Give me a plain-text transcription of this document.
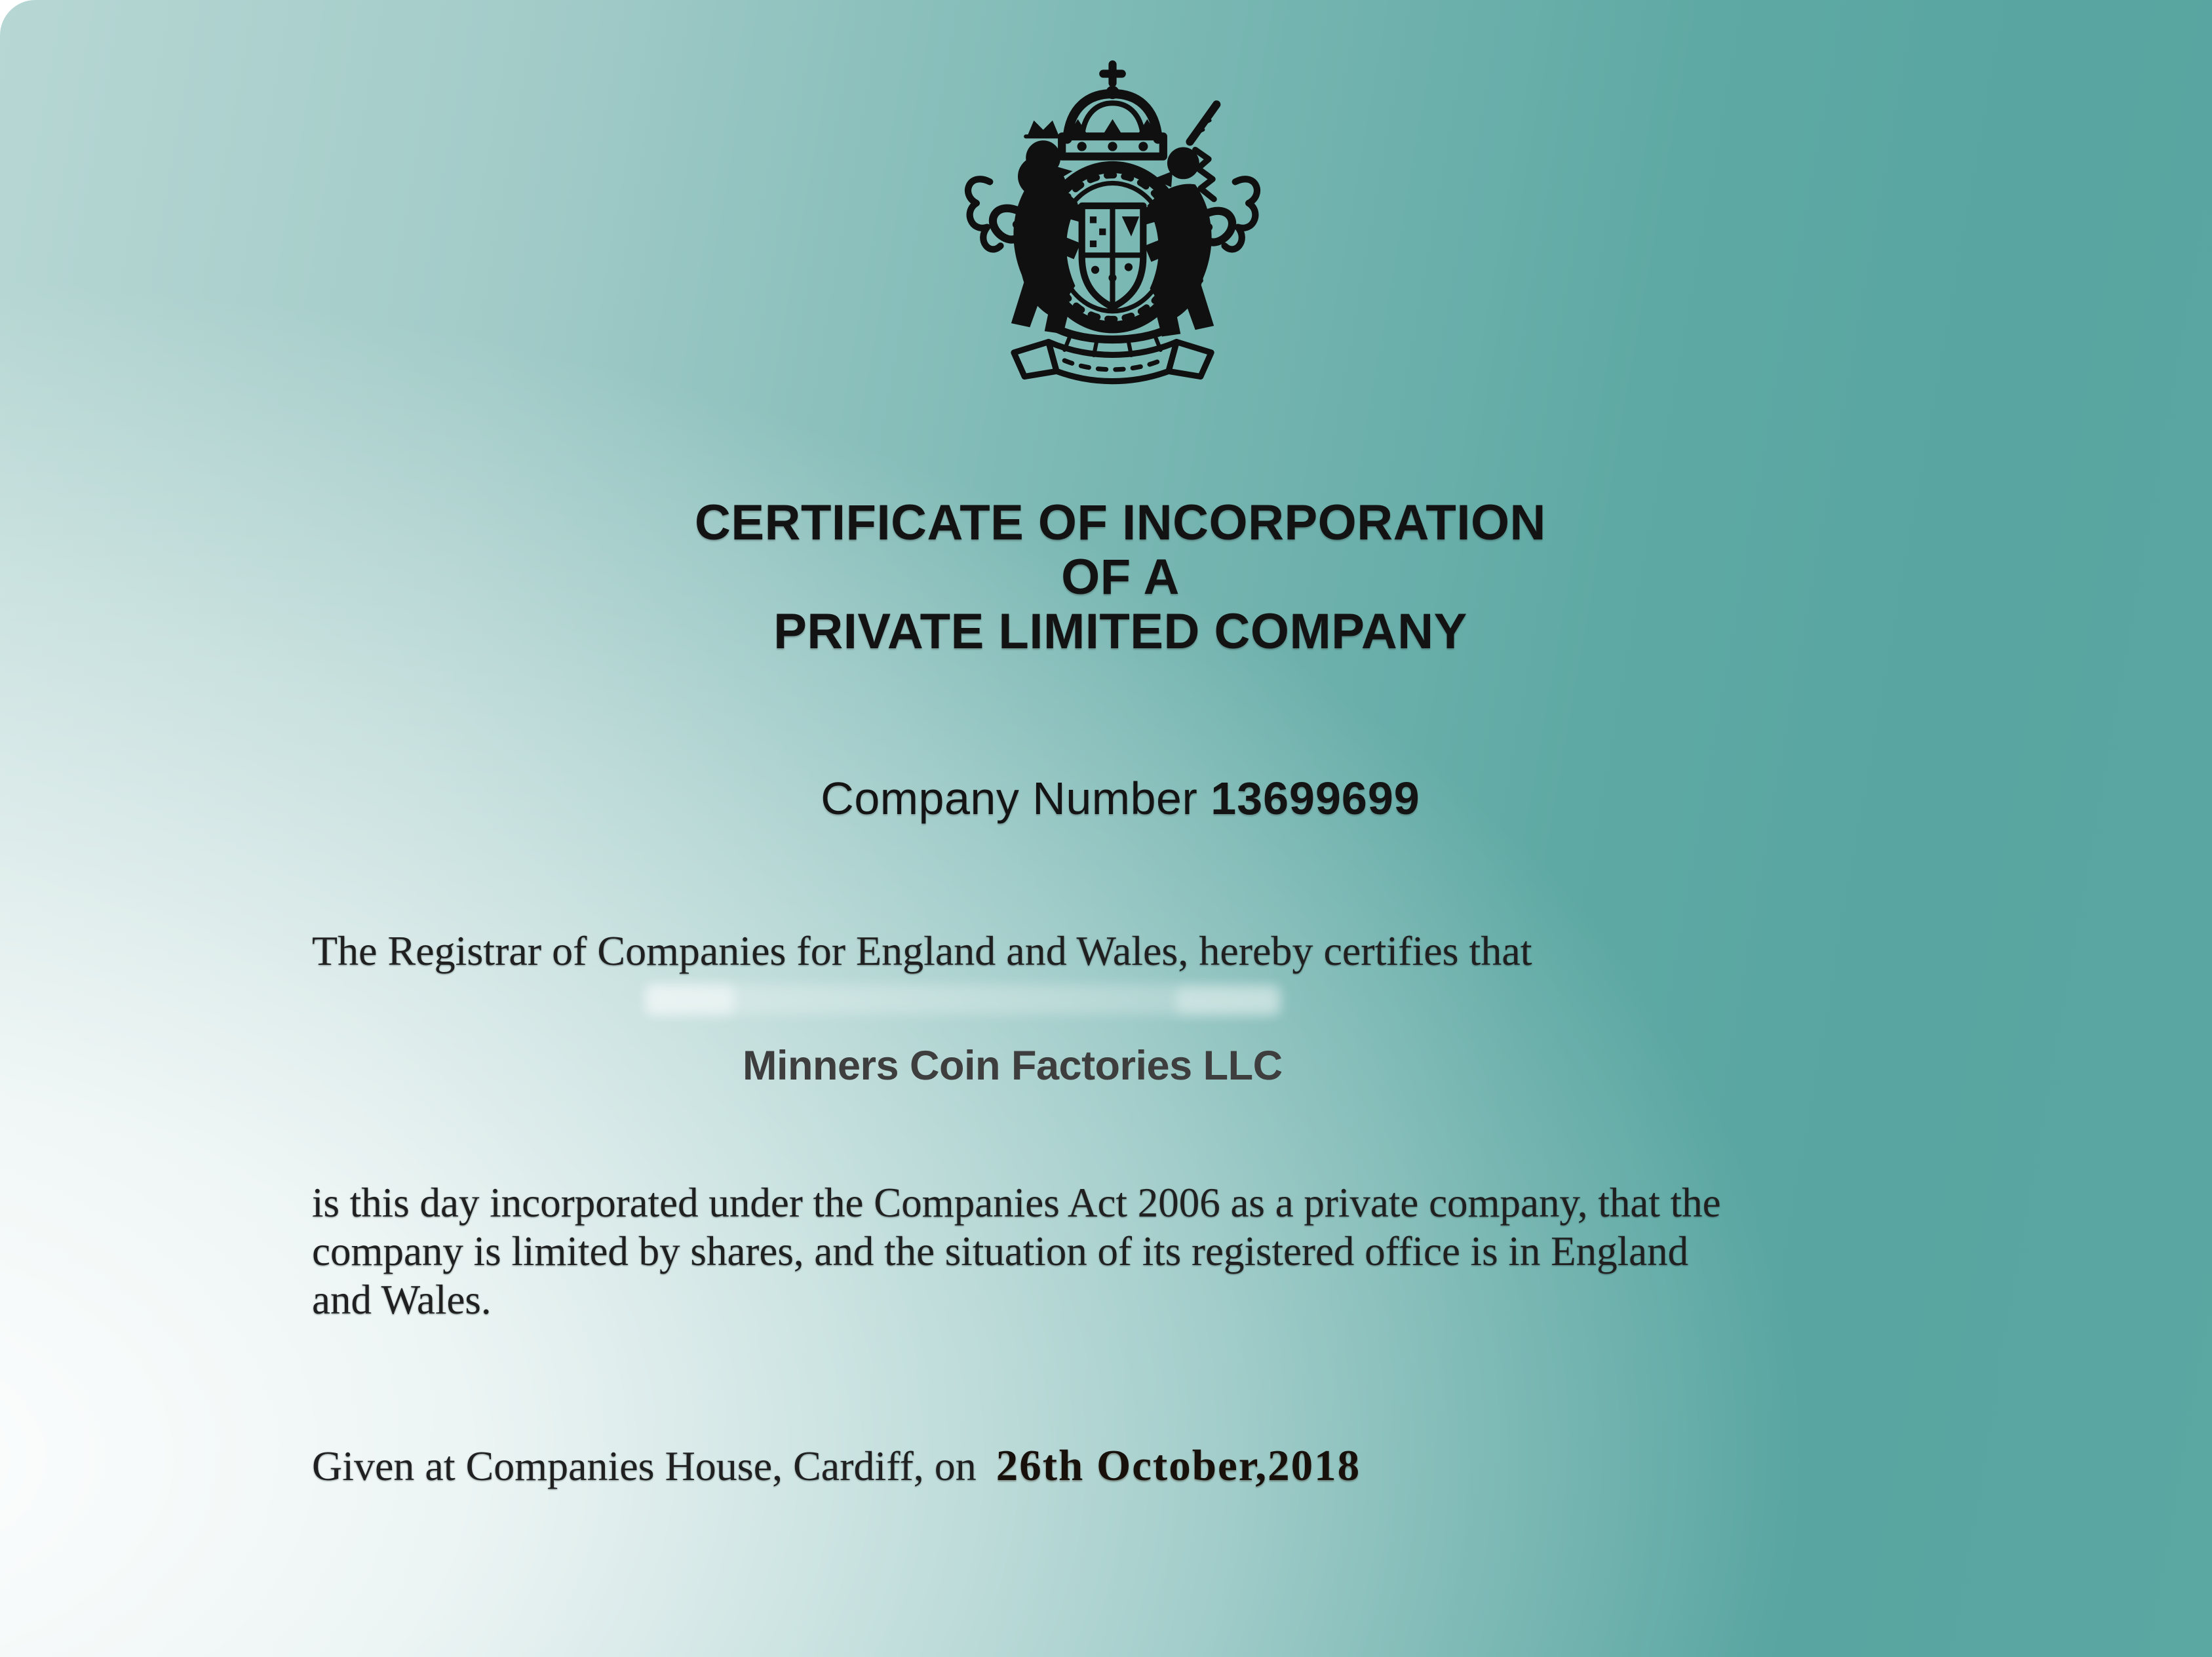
CERTIFICATE OF INCORPORATION
OF A
PRIVATE LIMITED COMPANY
Company Number 13699699
The Registrar of Companies for England and Wales, hereby certifies that
Minners Coin Factories LLC
is this day incorporated under the Companies Act 2006 as a private company, that the
company is limited by shares, and the situation of its registered office is in England
and Wales.
Given at Companies House, Cardiff, on 26th October,2018
